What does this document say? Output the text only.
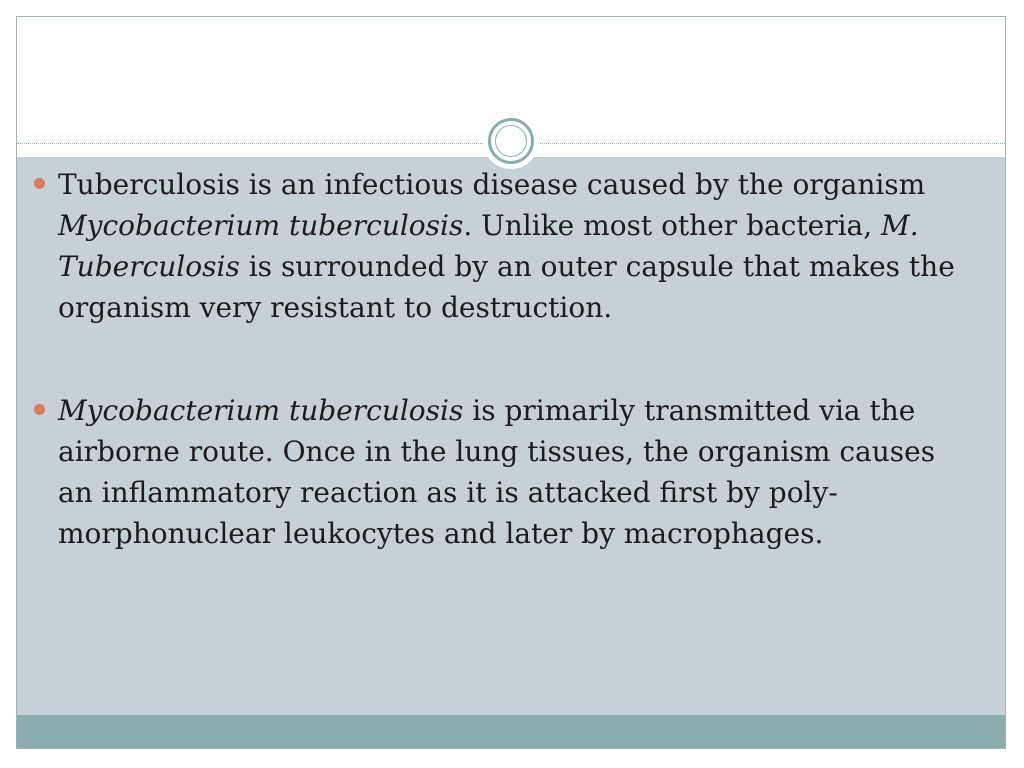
Tuberculosis is an infectious disease caused by the organism Mycobacterium tuberculosis. Unlike most other bacteria, M. Tuberculosis is surrounded by an outer capsule that makes the organism very resistant to destruction.
Mycobacterium tuberculosis is primarily transmitted via the airborne route. Once in the lung tissues, the organism causes an inflammatory reaction as it is attacked first by poly-morphonuclear leukocytes and later by macrophages.
